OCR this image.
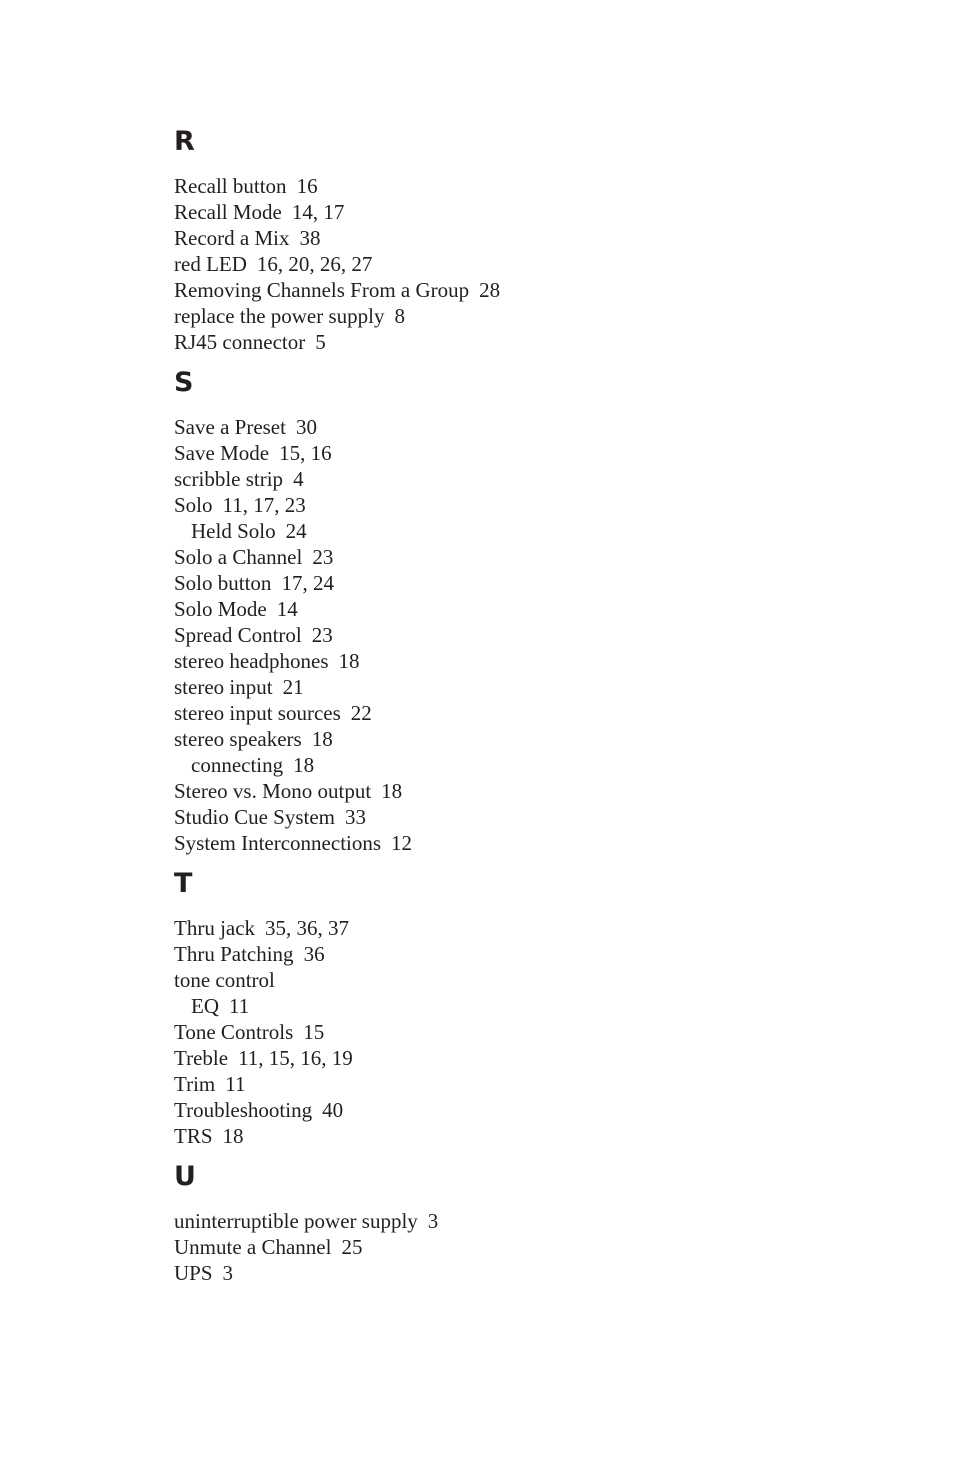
R
Recall button 16
Recall Mode 14, 17
Record a Mix 38
red LED 16, 20, 26, 27
Removing Channels From a Group 28
replace the power supply 8
RJ45 connector 5
S
Save a Preset 30
Save Mode 15, 16
scribble strip 4
Solo 11, 17, 23
Held Solo 24
Solo a Channel 23
Solo button 17, 24
Solo Mode 14
Spread Control 23
stereo headphones 18
stereo input 21
stereo input sources 22
stereo speakers 18
connecting 18
Stereo vs. Mono output 18
Studio Cue System 33
System Interconnections 12
T
Thru jack 35, 36, 37
Thru Patching 36
tone control
EQ 11
Tone Controls 15
Treble 11, 15, 16, 19
Trim 11
Troubleshooting 40
TRS 18
U
uninterruptible power supply 3
Unmute a Channel 25
UPS 3
